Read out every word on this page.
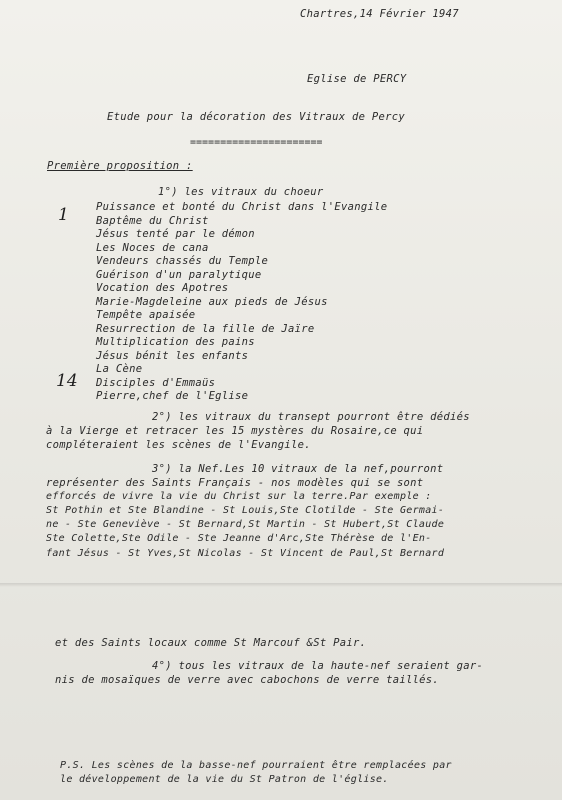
Chartres,14 Février 1947
Eglise de PERCY
Etude pour la décoration des Vitraux de Percy
======================
Première proposition :
1°) les vitraux du choeur
1
14
Puissance et bonté du Christ dans l'Evangile
Baptême du Christ
Jésus tenté par le démon
Les Noces de cana
Vendeurs chassés du Temple
Guérison d'un paralytique
Vocation des Apotres
Marie-Magdeleine aux pieds de Jésus
Tempête apaisée
Resurrection de la fille de Jaïre
Multiplication des pains
Jésus bénit les enfants
La Cène
Disciples d'Emmaüs
Pierre,chef de l'Eglise
2°) les vitraux du transept pourront être dédiés
à la Vierge et retracer les 15 mystères du Rosaire,ce qui
compléteraient les scènes de l'Evangile.
3°) la Nef.Les 10 vitraux de la nef,pourront
représenter des Saints Français - nos modèles qui se sont
efforcés de vivre la vie du Christ sur la terre.Par exemple :
St Pothin et Ste Blandine - St Louis,Ste Clotilde - Ste Germai-
ne - Ste Geneviève - St Bernard,St Martin - St Hubert,St Claude
Ste Colette,Ste Odile - Ste Jeanne d'Arc,Ste Thérèse de l'En-
fant Jésus - St Yves,St Nicolas - St Vincent de Paul,St Bernard
et des Saints locaux comme St Marcouf &St Pair.
4°) tous les vitraux de la haute-nef seraient gar-
nis de mosaïques de verre avec cabochons de verre taillés.
P.S. Les scènes de la basse-nef pourraient être remplacées par
le développement de la vie du St Patron de l'église.
